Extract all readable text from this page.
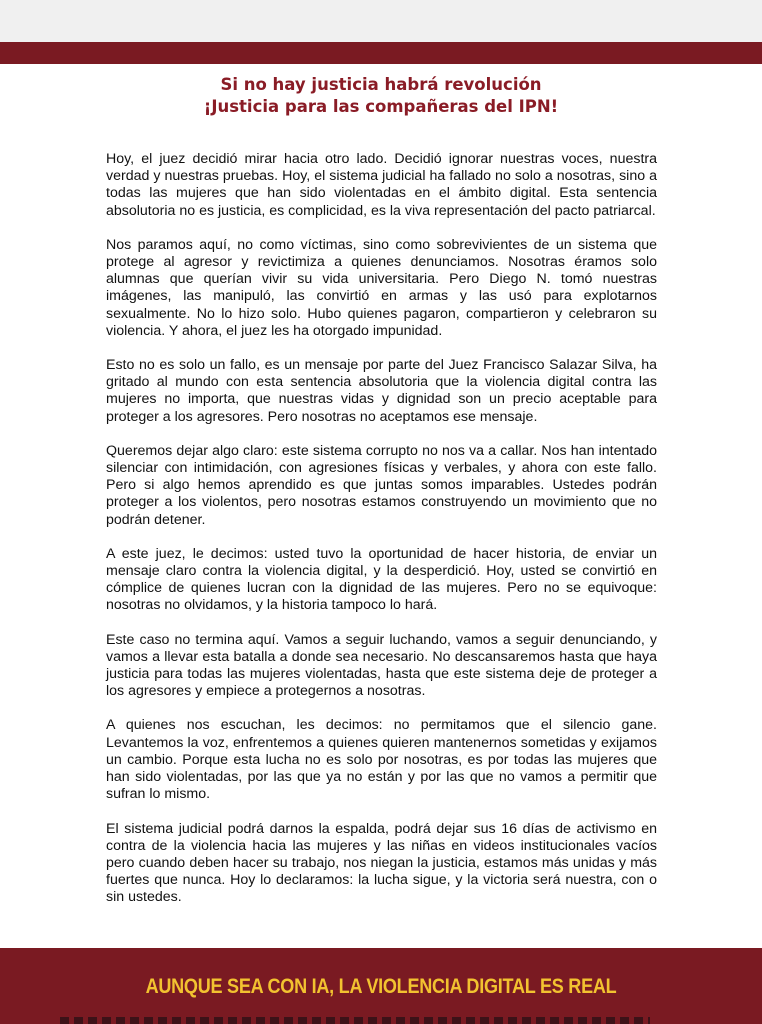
Si no hay justicia habrá revolución
¡Justicia para las compañeras del IPN!

Hoy, el juez decidió mirar hacia otro lado. Decidió ignorar nuestras voces, nuestra verdad y nuestras pruebas. Hoy, el sistema judicial ha fallado no solo a nosotras, sino a todas las mujeres que han sido violentadas en el ámbito digital. Esta sentencia absolutoria no es justicia, es complicidad, es la viva representación del pacto patriarcal.

Nos paramos aquí, no como víctimas, sino como sobrevivientes de un sistema que protege al agresor y revictimiza a quienes denunciamos. Nosotras éramos solo alumnas que querían vivir su vida universitaria. Pero Diego N. tomó nuestras imágenes, las manipuló, las convirtió en armas y las usó para explotarnos sexualmente. No lo hizo solo. Hubo quienes pagaron, compartieron y celebraron su violencia. Y ahora, el juez les ha otorgado impunidad.

Esto no es solo un fallo, es un mensaje por parte del Juez Francisco Salazar Silva, ha gritado al mundo con esta sentencia absolutoria que la violencia digital contra las mujeres no importa, que nuestras vidas y dignidad son un precio aceptable para proteger a los agresores. Pero nosotras no aceptamos ese mensaje.

Queremos dejar algo claro: este sistema corrupto no nos va a callar. Nos han intentado silenciar con intimidación, con agresiones físicas y verbales, y ahora con este fallo. Pero si algo hemos aprendido es que juntas somos imparables. Ustedes podrán proteger a los violentos, pero nosotras estamos construyendo un movimiento que no podrán detener.

A este juez, le decimos: usted tuvo la oportunidad de hacer historia, de enviar un mensaje claro contra la violencia digital, y la desperdició. Hoy, usted se convirtió en cómplice de quienes lucran con la dignidad de las mujeres. Pero no se equivoque: nosotras no olvidamos, y la historia tampoco lo hará.

Este caso no termina aquí. Vamos a seguir luchando, vamos a seguir denunciando, y vamos a llevar esta batalla a donde sea necesario. No descansaremos hasta que haya justicia para todas las mujeres violentadas, hasta que este sistema deje de proteger a los agresores y empiece a protegernos a nosotras.

A quienes nos escuchan, les decimos: no permitamos que el silencio gane. Levantemos la voz, enfrentemos a quienes quieren mantenernos sometidas y exijamos un cambio. Porque esta lucha no es solo por nosotras, es por todas las mujeres que han sido violentadas, por las que ya no están y por las que no vamos a permitir que sufran lo mismo.

El sistema judicial podrá darnos la espalda, podrá dejar sus 16 días de activismo en contra de la violencia hacia las mujeres y las niñas en videos institucionales vacíos pero cuando deben hacer su trabajo, nos niegan la justicia, estamos más unidas y más fuertes que nunca. Hoy lo declaramos: la lucha sigue, y la victoria será nuestra, con o sin ustedes.

AUNQUE SEA CON IA, LA VIOLENCIA DIGITAL ES REAL
